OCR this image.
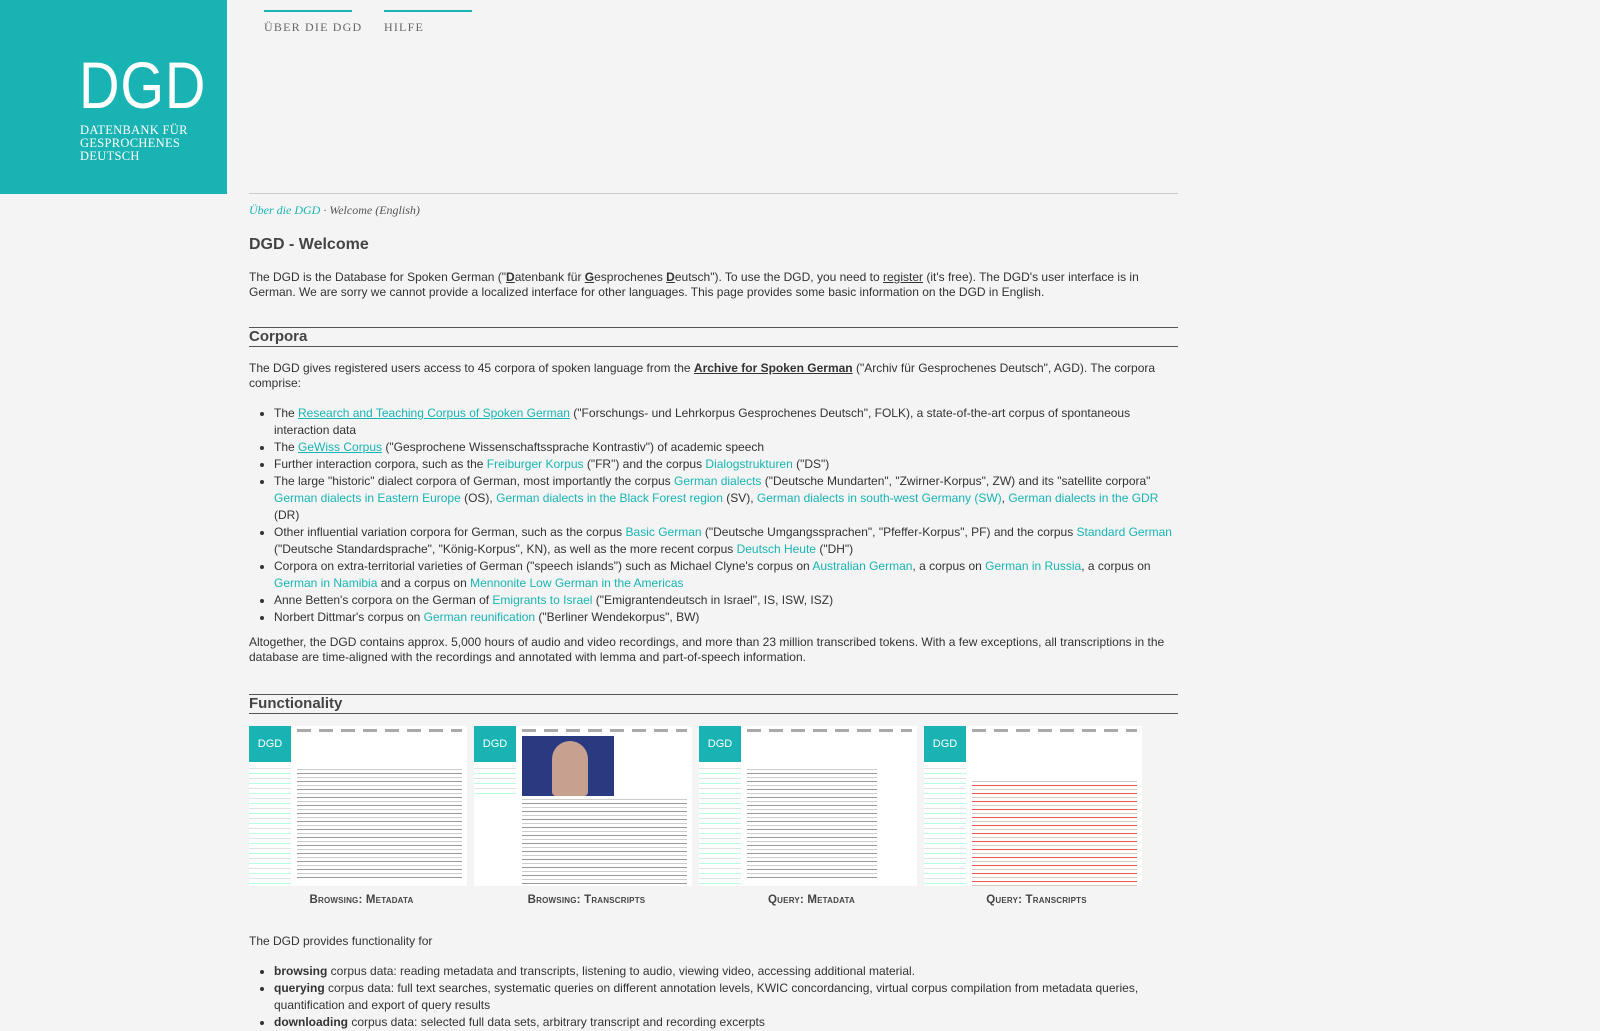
DGD
DATENBANK FÜR
GESPROCHENES
DEUTSCH
ÜBER DIE DGD HILFE
Über die DGD · Welcome (English)
DGD - Welcome

The DGD is the Database for Spoken German ("Datenbank für Gesprochenes Deutsch"). To use the DGD, you need to register (it's free). The DGD's user interface is in German. We are sorry we cannot provide a localized interface for other languages. This page provides some basic information on the DGD in English.

Corpora

The DGD gives registered users access to 45 corpora of spoken language from the Archive for Spoken German ("Archiv für Gesprochenes Deutsch", AGD). The corpora comprise:

• The Research and Teaching Corpus of Spoken German ("Forschungs- und Lehrkorpus Gesprochenes Deutsch", FOLK), a state-of-the-art corpus of spontaneous interaction data
• The GeWiss Corpus ("Gesprochene Wissenschaftssprache Kontrastiv") of academic speech
• Further interaction corpora, such as the Freiburger Korpus ("FR") and the corpus Dialogstrukturen ("DS")
• The large "historic" dialect corpora of German, most importantly the corpus German dialects ("Deutsche Mundarten", "Zwirner-Korpus", ZW) and its "satellite corpora" German dialects in Eastern Europe (OS), German dialects in the Black Forest region (SV), German dialects in south-west Germany (SW), German dialects in the GDR (DR)
• Other influential variation corpora for German, such as the corpus Basic German ("Deutsche Umgangssprachen", "Pfeffer-Korpus", PF) and the corpus Standard German ("Deutsche Standardsprache", "König-Korpus", KN), as well as the more recent corpus Deutsch Heute ("DH")
• Corpora on extra-territorial varieties of German ("speech islands") such as Michael Clyne's corpus on Australian German, a corpus on German in Russia, a corpus on German in Namibia and a corpus on Mennonite Low German in the Americas
• Anne Betten's corpora on the German of Emigrants to Israel ("Emigrantendeutsch in Israel", IS, ISW, ISZ)
• Norbert Dittmar's corpus on German reunification ("Berliner Wendekorpus", BW)

Altogether, the DGD contains approx. 5,000 hours of audio and video recordings, and more than 23 million transcribed tokens. With a few exceptions, all transcriptions in the database are time-aligned with the recordings and annotated with lemma and part-of-speech information.

Functionality
DGD
Browsing: Metadata
DGD
Browsing: Transcripts
DGD
Query: Metadata
DGD
Query: Transcripts

The DGD provides functionality for

• browsing corpus data: reading metadata and transcripts, listening to audio, viewing video, accessing additional material.
• querying corpus data: full text searches, systematic queries on different annotation levels, KWIC concordancing, virtual corpus compilation from metadata queries, quantification and export of query results
• downloading corpus data: selected full data sets, arbitrary transcript and recording excerpts
